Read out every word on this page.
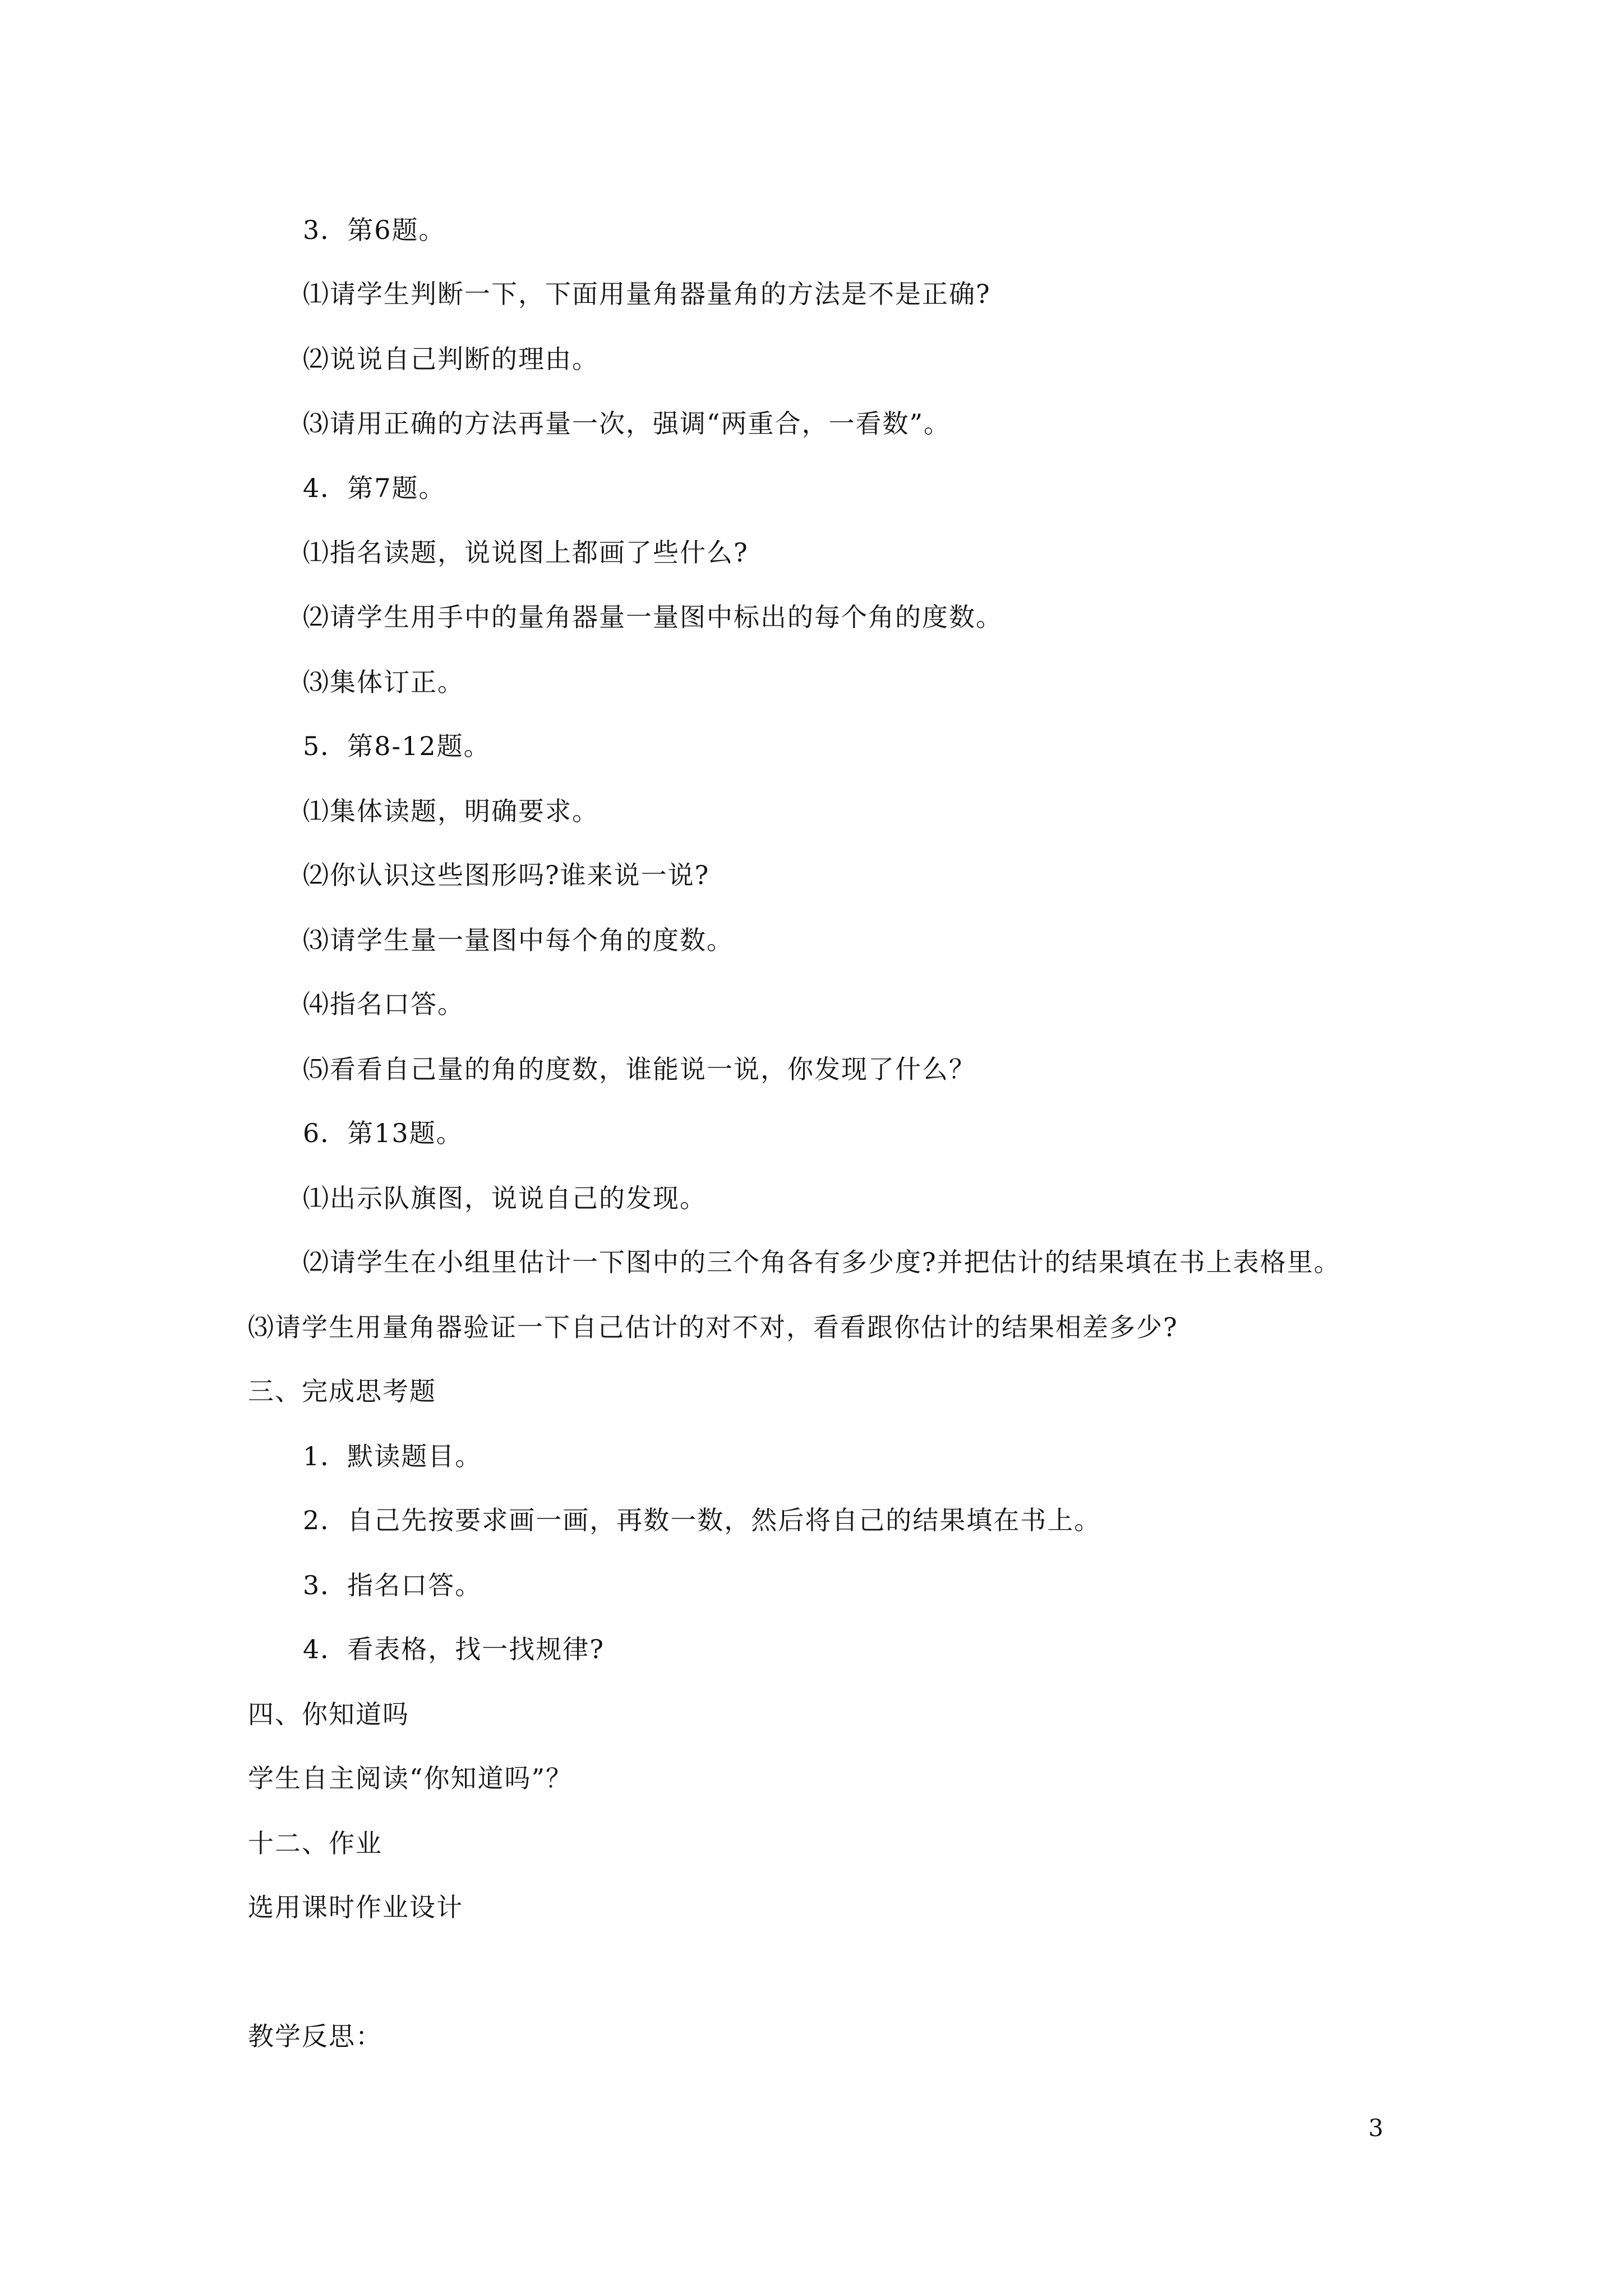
3．第6题。
⑴请学生判断一下，下面用量角器量角的方法是不是正确?
⑵说说自己判断的理由。
⑶请用正确的方法再量一次，强调“两重合，一看数”。
4．第7题。
⑴指名读题，说说图上都画了些什么?
⑵请学生用手中的量角器量一量图中标出的每个角的度数。
⑶集体订正。
5．第8-12题。
⑴集体读题，明确要求。
⑵你认识这些图形吗?谁来说一说?
⑶请学生量一量图中每个角的度数。
⑷指名口答。
⑸看看自己量的角的度数，谁能说一说，你发现了什么？
6．第13题。
⑴出示队旗图，说说自己的发现。
⑵请学生在小组里估计一下图中的三个角各有多少度?并把估计的结果填在书上表格里。
⑶请学生用量角器验证一下自己估计的对不对，看看跟你估计的结果相差多少?
三、完成思考题
1．默读题目。
2．自己先按要求画一画，再数一数，然后将自己的结果填在书上。
3．指名口答。
4．看表格，找一找规律?
四、你知道吗
学生自主阅读“你知道吗”？
十二、作业
选用课时作业设计
教学反思：
3
